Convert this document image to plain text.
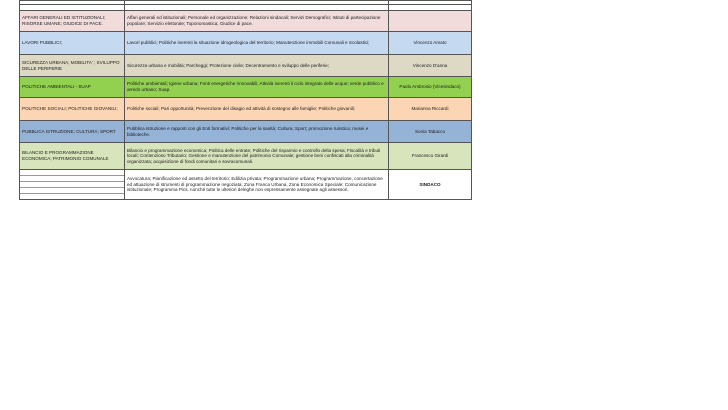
AFFARI GENERALI ED ISTITUZIONALI; RISORSE UMANE; GIUDICE DI PACE.	Affari generali ed istituzionali; Personale ed organizzazione; Relazioni sindacali; Servizi Demografici; Istituti di partecipazione popolare; Servizio elettorale; Toponomastica; Giudice di pace.	
LAVORI PUBBLICI;	Lavori pubblici; Politiche inerenti la situazione idrogeologica del territorio; Manutenzione immobili Comunali e Scolastici;	Vincenzo Amato
SICUREZZA URBANA; MOBILITA' ; SVILUPPO DELLE PERIFERIE	Sicurezza urbana e mobilità; Parcheggi; Protezione civile; Decentramento e sviluppo delle periferie;	Vincenzo D'anna
POLITICHE AMBIENTALI - SUAP	Politiche ambientali; Igiene urbana; Fonti energetiche rinnovabili; Attività inerenti il ciclo integrato delle acque; verde pubblico e arredo urbano; Suap.	Paolo Ambrosio (Vicesindaco)
POLITICHE SOCIALI; POLITICHE GIOVANILI;	Politiche sociali; Pari opportunità; Prevenzione del disagio ed attività di sostegno alle famiglie; Politiche giovanili;	Marianna Riccardi
PUBBLICA ISTRUZIONE; CULTURA; SPORT	Pubblica Istruzione e rapporti con gli Enti formativi; Politiche per la sanità; Cultura; Sport; promozione turistica; musei e biblioteche.	Sonia Tabacco
BILANCIO E PROGRAMMAZIONE ECONOMICA; PATRIMONIO COMUNALE	Bilancio e programmazione economica; Politica delle entrate; Politiche del risparmio e controllo della spesa; Fiscalità e tributi locali; Contenzioso Tributario; Gestione e manutenzione del patrimonio Comunale; gestione beni confiscati alla criminalità organizzata; acquisizione di fondi comunitari e sovracomunali.	Francesco Girardi

	Avvocatura; Pianificazione ed assetto del territorio; Edilizia privata; Programmazione urbana; Programmazione, concertazione ed attuazione di strumenti di programmazione negoziata; Zona Franca Urbana, Zona Economica Speciale; Comunicazione istituzionale; Programma Pics. nonché tutte le ulteriori deleghe non espressamente assegnate agli assessori.	SINDACO
